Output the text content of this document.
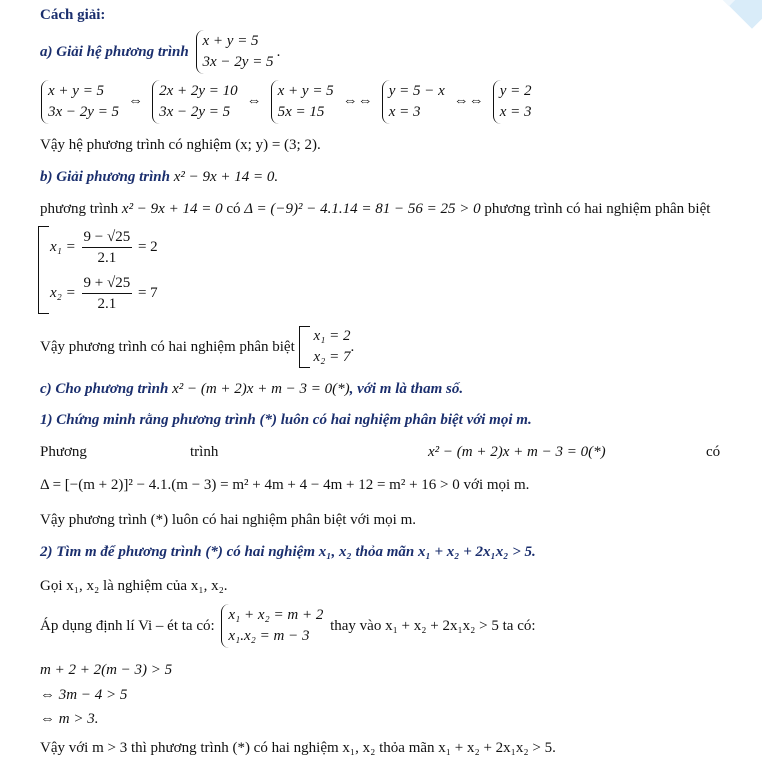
Cách giải:
a) Giải hệ phương trình
x + y = 5
3x − 2y = 5
.
x + y = 5
3x − 2y = 5
⇔
2x + 2y = 10
3x − 2y = 5
⇔
x + y = 5
5x = 15
⇔⇔
y = 5 − x
x = 3
⇔⇔
y = 2
x = 3
Vậy hệ phương trình có nghiệm (x; y) = (3; 2).
b) Giải phương trình x² − 9x + 14 = 0.
phương trình x² − 9x + 14 = 0 có Δ = (−9)² − 4.1.14 = 81 − 56 = 25 > 0 phương trình có hai nghiệm phân biệt
$x_1 = \frac{9 - √25}{2.1} = 2$
$x_2 = \frac{9 + √25}{2.1} = 7$
Vậy phương trình có hai nghiệm phân biệt
x₁ = 2
x₂ = 7
.
c) Cho phương trình x² − (m + 2)x + m − 3 = 0(*), với m là tham số.
1) Chứng minh rằng phương trình (*) luôn có hai nghiệm phân biệt với mọi m.
Phương	trình	x² − (m + 2)x + m − 3 = 0(*)	có
Δ = [−(m + 2)]² − 4.1.(m − 3) = m² + 4m + 4 − 4m + 12 = m² + 16 > 0 với mọi m.
Vậy phương trình (*) luôn có hai nghiệm phân biệt với mọi m.
2) Tìm m để phương trình (*) có hai nghiệm x₁, x₂ thỏa mãn x₁ + x₂ + 2x₁x₂ > 5.
Gọi x₁, x₂ là nghiệm của x₁, x₂.
Áp dụng định lí Vi – ét ta có:
x₁ + x₂ = m + 2
x₁.x₂ = m − 3
thay vào x₁ + x₂ + 2x₁x₂ > 5 ta có:
m + 2 + 2(m − 3) > 5
⇔ 3m − 4 > 5
⇔ m > 3.
Vậy với m > 3 thì phương trình (*) có hai nghiệm x₁, x₂ thỏa mãn x₁ + x₂ + 2x₁x₂ > 5.
